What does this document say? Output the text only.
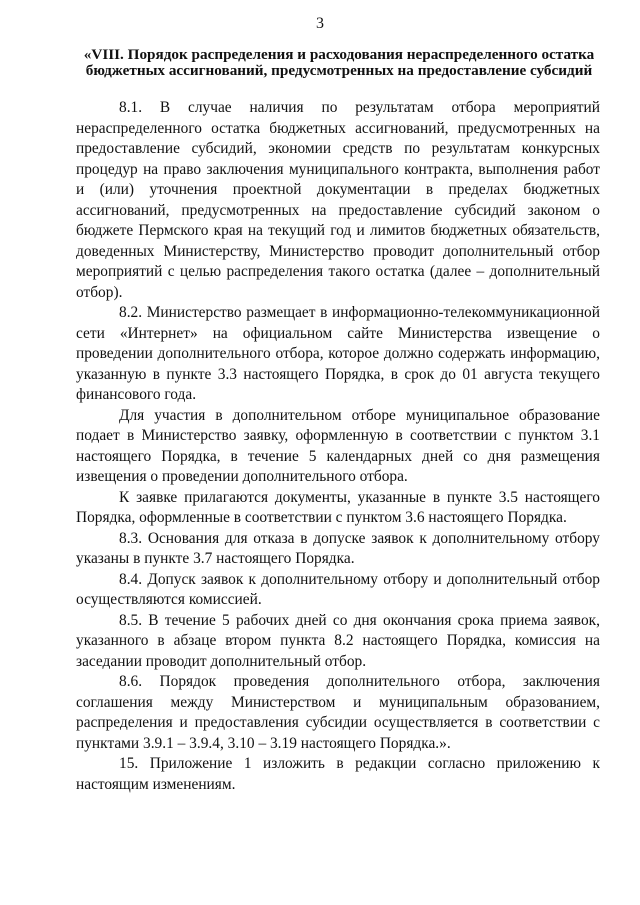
3
«VIII. Порядок распределения и расходования нераспределенного остатка бюджетных ассигнований, предусмотренных на предоставление субсидий

8.1. В случае наличия по результатам отбора мероприятий нераспределенного остатка бюджетных ассигнований, предусмотренных на предоставление субсидий, экономии средств по результатам конкурсных процедур на право заключения муниципального контракта, выполнения работ и (или) уточнения проектной документации в пределах бюджетных ассигнований, предусмотренных на предоставление субсидий законом о бюджете Пермского края на текущий год и лимитов бюджетных обязательств, доведенных Министерству, Министерство проводит дополнительный отбор мероприятий с целью распределения такого остатка (далее – дополнительный отбор).

8.2. Министерство размещает в информационно-телекоммуникационной сети «Интернет» на официальном сайте Министерства извещение о проведении дополнительного отбора, которое должно содержать информацию, указанную в пункте 3.3 настоящего Порядка, в срок до 01 августа текущего финансового года.

Для участия в дополнительном отборе муниципальное образование подает в Министерство заявку, оформленную в соответствии с пунктом 3.1 настоящего Порядка, в течение 5 календарных дней со дня размещения извещения о проведении дополнительного отбора.

К заявке прилагаются документы, указанные в пункте 3.5 настоящего Порядка, оформленные в соответствии с пунктом 3.6 настоящего Порядка.

8.3. Основания для отказа в допуске заявок к дополнительному отбору указаны в пункте 3.7 настоящего Порядка.

8.4. Допуск заявок к дополнительному отбору и дополнительный отбор осуществляются комиссией.

8.5. В течение 5 рабочих дней со дня окончания срока приема заявок, указанного в абзаце втором пункта 8.2 настоящего Порядка, комиссия на заседании проводит дополнительный отбор.

8.6. Порядок проведения дополнительного отбора, заключения соглашения между Министерством и муниципальным образованием, распределения и предоставления субсидии осуществляется в соответствии с пунктами 3.9.1 – 3.9.4, 3.10 – 3.19 настоящего Порядка.».

15. Приложение 1 изложить в редакции согласно приложению к настоящим изменениям.
